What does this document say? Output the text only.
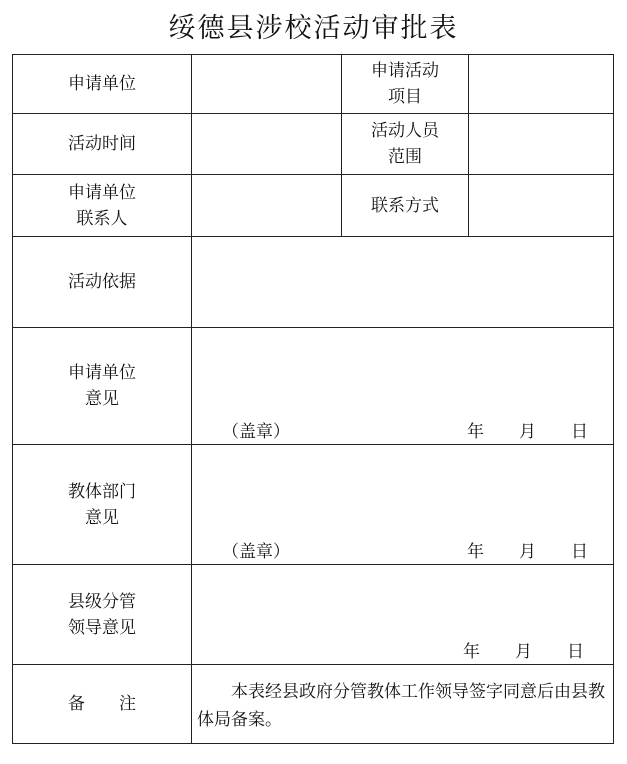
绥德县涉校活动审批表
申请单位
申请活动
项目
活动时间
活动人员
范围
申请单位
联系人
联系方式
活动依据
申请单位
意见
（盖章）	年 月 日
教体部门
意见
（盖章）	年 月 日
县级分管
领导意见
年 月 日
备　　注
本表经县政府分管教体工作领导签字同意后由县教体局备案。
